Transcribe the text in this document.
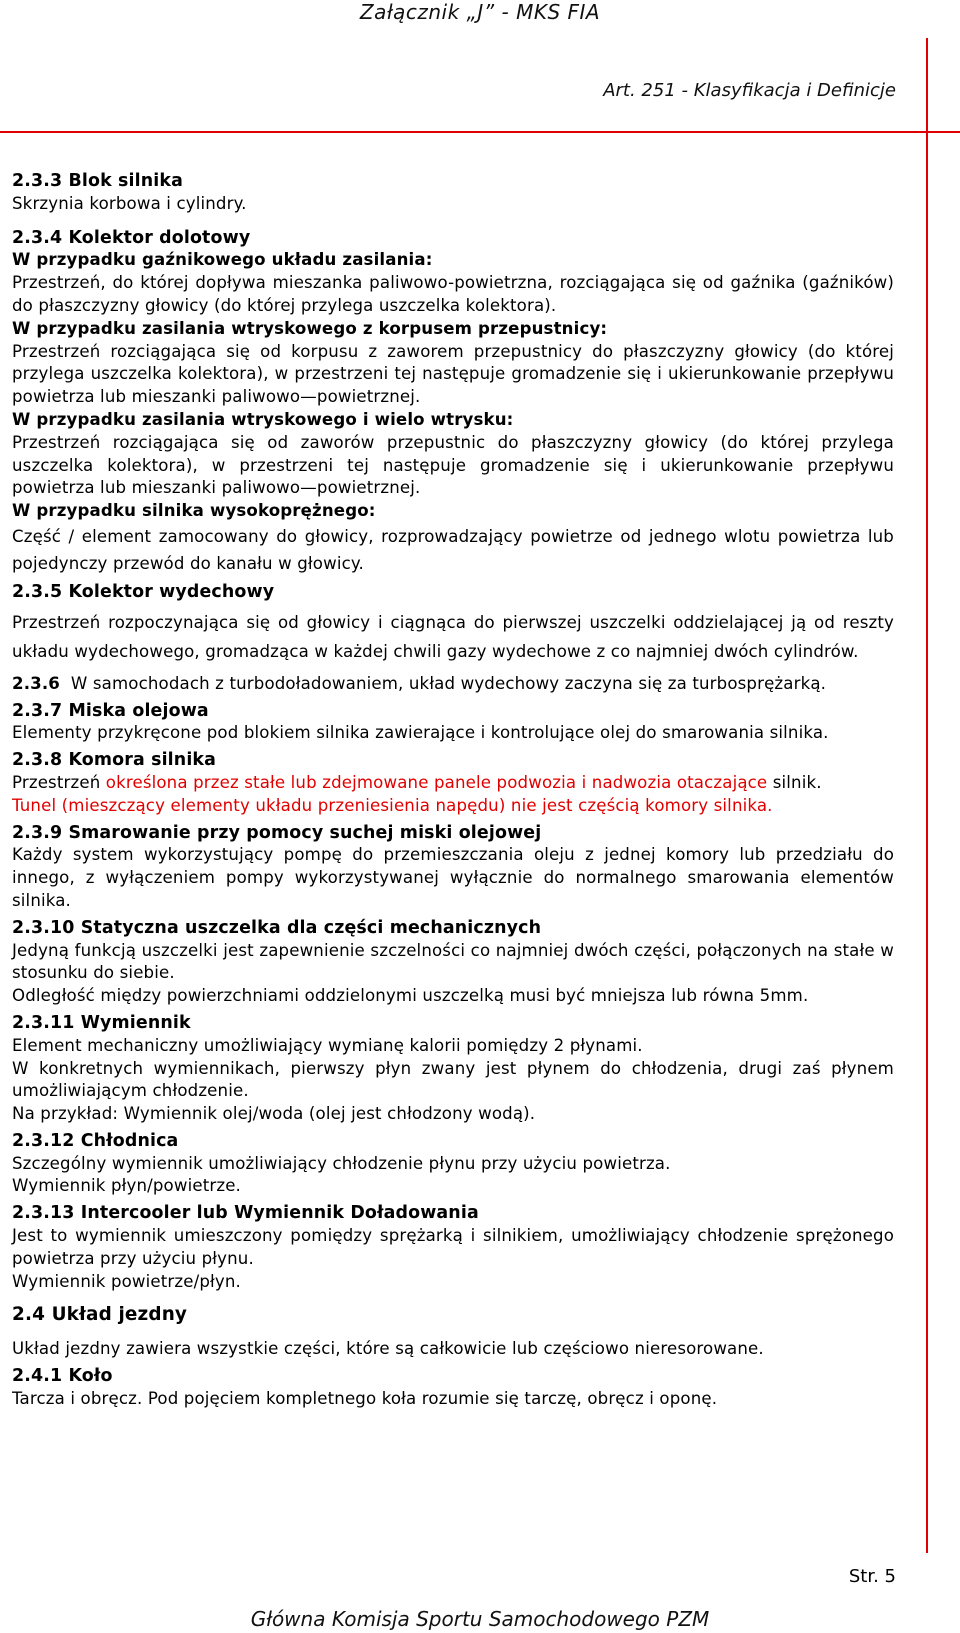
Załącznik „J” - MKS FIA
Art. 251 - Klasyfikacja i Definicje

2.3.3 Blok silnika

Skrzynia korbowa i cylindry.

2.3.4 Kolektor dolotowy

W przypadku gaźnikowego układu zasilania:

Przestrzeń, do której dopływa mieszanka paliwowo-powietrzna, rozciągająca się od gaźnika (gaźników) do płaszczyzny głowicy (do której przylega uszczelka kolektora).

W przypadku zasilania wtryskowego z korpusem przepustnicy:

Przestrzeń rozciągająca się od korpusu z zaworem przepustnicy do płaszczyzny głowicy (do której przylega uszczelka kolektora), w przestrzeni tej następuje gromadzenie się i ukierunkowanie przepływu powietrza lub mieszanki paliwowo—powietrznej.

W przypadku zasilania wtryskowego i wielo wtrysku:

Przestrzeń rozciągająca się od zaworów przepustnic do płaszczyzny głowicy (do której przylega uszczelka kolektora), w przestrzeni tej następuje gromadzenie się i ukierunkowanie przepływu powietrza lub mieszanki paliwowo—powietrznej.

W przypadku silnika wysokoprężnego:

Część / element zamocowany do głowicy, rozprowadzający powietrze od jednego wlotu powietrza lub pojedynczy przewód do kanału w głowicy.

2.3.5 Kolektor wydechowy

Przestrzeń rozpoczynająca się od głowicy i ciągnąca do pierwszej uszczelki oddzielającej ją od reszty układu wydechowego, gromadząca w każdej chwili gazy wydechowe z co najmniej dwóch cylindrów.

2.3.6 W samochodach z turbodoładowaniem, układ wydechowy zaczyna się za turbosprężarką.

2.3.7 Miska olejowa

Elementy przykręcone pod blokiem silnika zawierające i kontrolujące olej do smarowania silnika.

2.3.8 Komora silnika

Przestrzeń określona przez stałe lub zdejmowane panele podwozia i nadwozia otaczające silnik.

Tunel (mieszczący elementy układu przeniesienia napędu) nie jest częścią komory silnika.

2.3.9 Smarowanie przy pomocy suchej miski olejowej

Każdy system wykorzystujący pompę do przemieszczania oleju z jednej komory lub przedziału do innego, z wyłączeniem pompy wykorzystywanej wyłącznie do normalnego smarowania elementów silnika.

2.3.10 Statyczna uszczelka dla części mechanicznych

Jedyną funkcją uszczelki jest zapewnienie szczelności co najmniej dwóch części, połączonych na stałe w stosunku do siebie.

Odległość między powierzchniami oddzielonymi uszczelką musi być mniejsza lub równa 5mm.

2.3.11 Wymiennik

Element mechaniczny umożliwiający wymianę kalorii pomiędzy 2 płynami.

W konkretnych wymiennikach, pierwszy płyn zwany jest płynem do chłodzenia, drugi zaś płynem umożliwiającym chłodzenie.

Na przykład: Wymiennik olej/woda (olej jest chłodzony wodą).

2.3.12 Chłodnica

Szczególny wymiennik umożliwiający chłodzenie płynu przy użyciu powietrza.

Wymiennik płyn/powietrze.

2.3.13 Intercooler lub Wymiennik Doładowania

Jest to wymiennik umieszczony pomiędzy sprężarką i silnikiem, umożliwiający chłodzenie sprężonego powietrza przy użyciu płynu.

Wymiennik powietrze/płyn.

2.4 Układ jezdny

Układ jezdny zawiera wszystkie części, które są całkowicie lub częściowo nieresorowane.

2.4.1 Koło

Tarcza i obręcz. Pod pojęciem kompletnego koła rozumie się tarczę, obręcz i oponę.

Str. 5
Główna Komisja Sportu Samochodowego PZM
